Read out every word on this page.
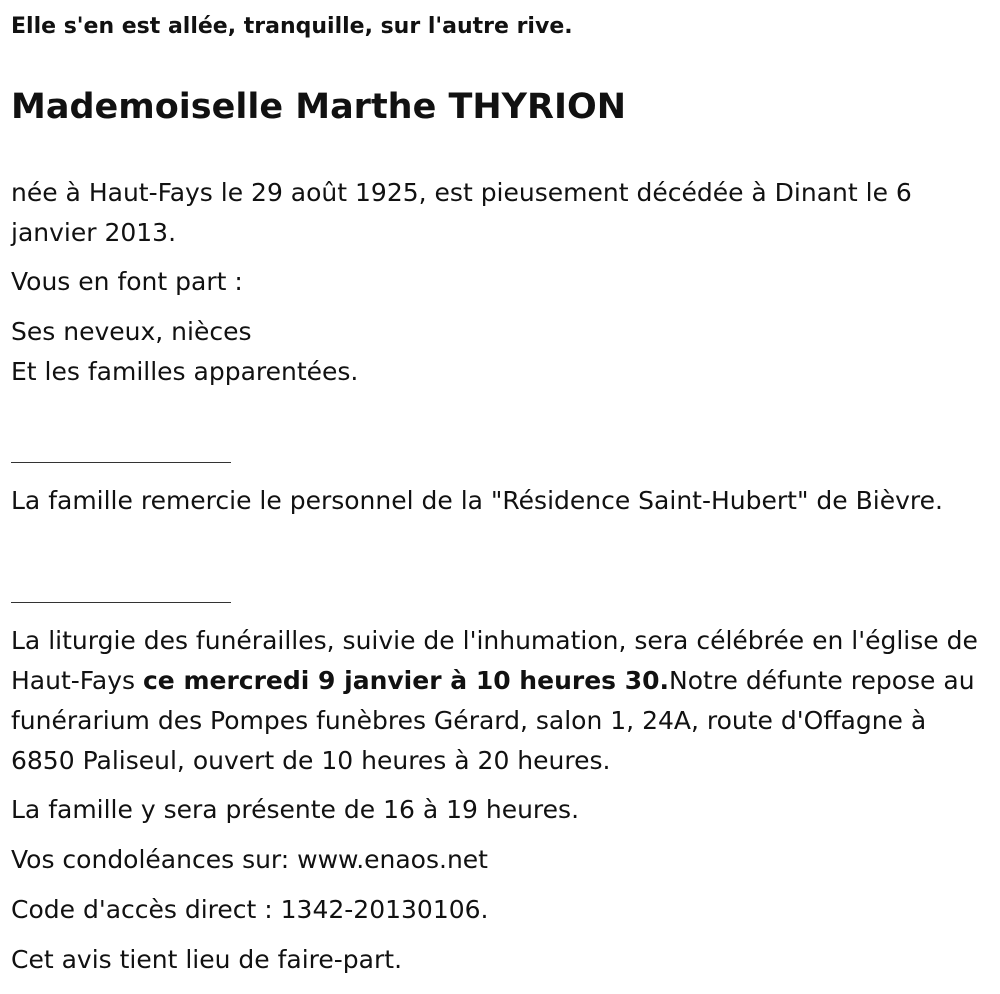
Elle s'en est allée, tranquille, sur l'autre rive.
Mademoiselle Marthe THYRION

née à Haut-Fays le 29 août 1925, est pieusement décédée à Dinant le 6 janvier 2013.

Vous en font part :

Ses neveux, nièces
Et les familles apparentées.

La famille remercie le personnel de la "Résidence Saint-Hubert" de Bièvre.

La liturgie des funérailles, suivie de l'inhumation, sera célébrée en l'église de Haut-Fays ce mercredi 9 janvier à 10 heures 30.Notre défunte repose au funérarium des Pompes funèbres Gérard, salon 1, 24A, route d'Offagne à 6850 Paliseul, ouvert de 10 heures à 20 heures.

La famille y sera présente de 16 à 19 heures.

Vos condoléances sur: www.enaos.net

Code d'accès direct : 1342-20130106.

Cet avis tient lieu de faire-part.
